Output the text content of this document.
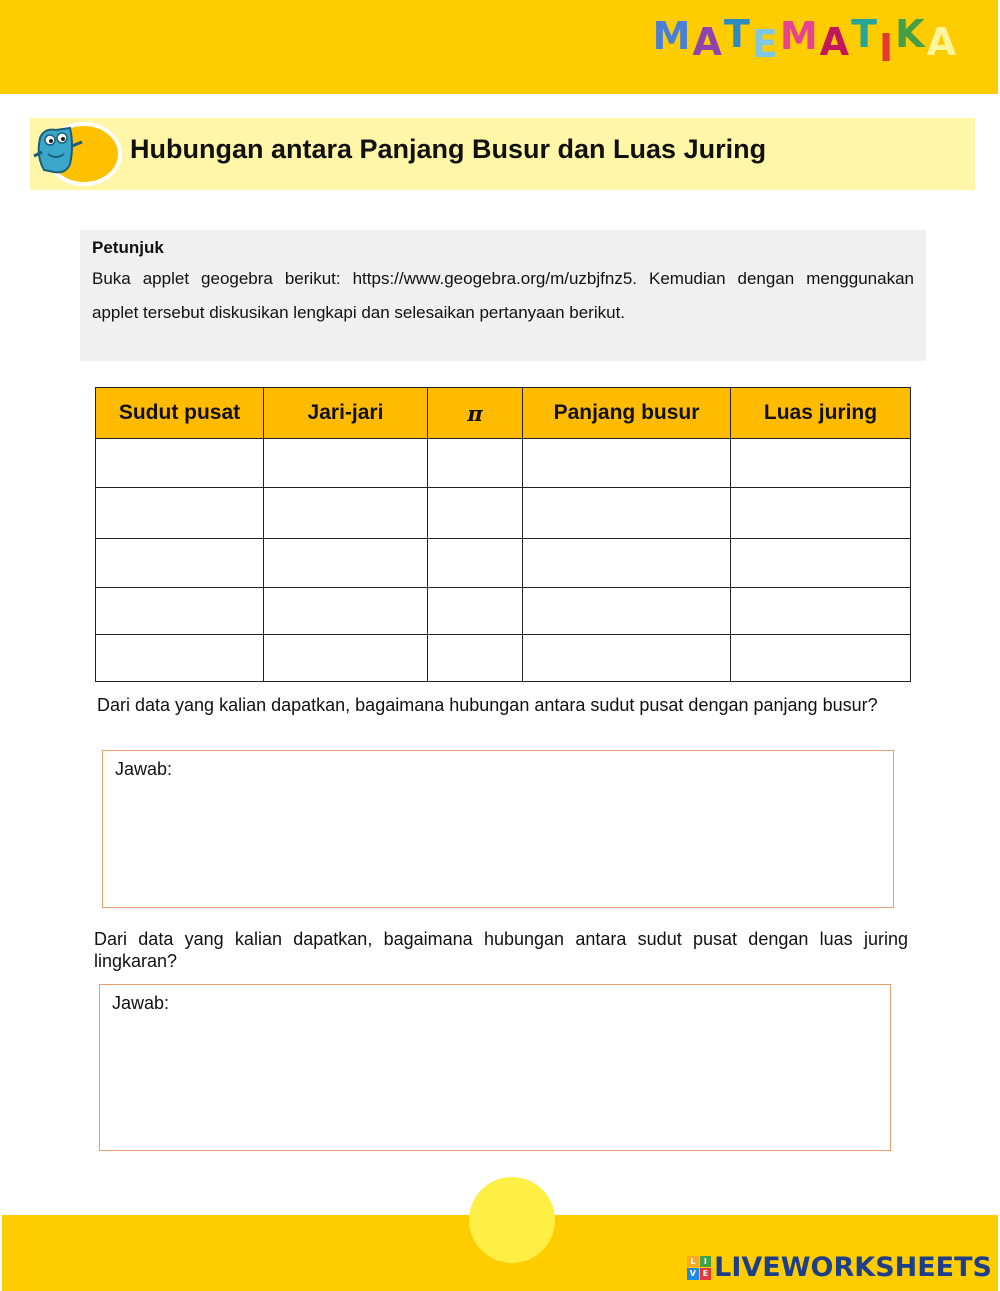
M A T E M A T I K A
Hubungan antara Panjang Busur dan Luas Juring
Petunjuk
Buka applet geogebra berikut: https://www.geogebra.org/m/uzbjfnz5. Kemudian dengan menggunakan applet tersebut diskusikan lengkapi dan selesaikan pertanyaan berikut.
Sudut pusat	Jari-jari	π	Panjang busur	Luas juring

Dari data yang kalian dapatkan, bagaimana hubungan antara sudut pusat dengan panjang busur?
Jawab:
Dari data yang kalian dapatkan, bagaimana hubungan antara sudut pusat dengan luas juring lingkaran?
Jawab:
L	I
V E LIVEWORKSHEETS
